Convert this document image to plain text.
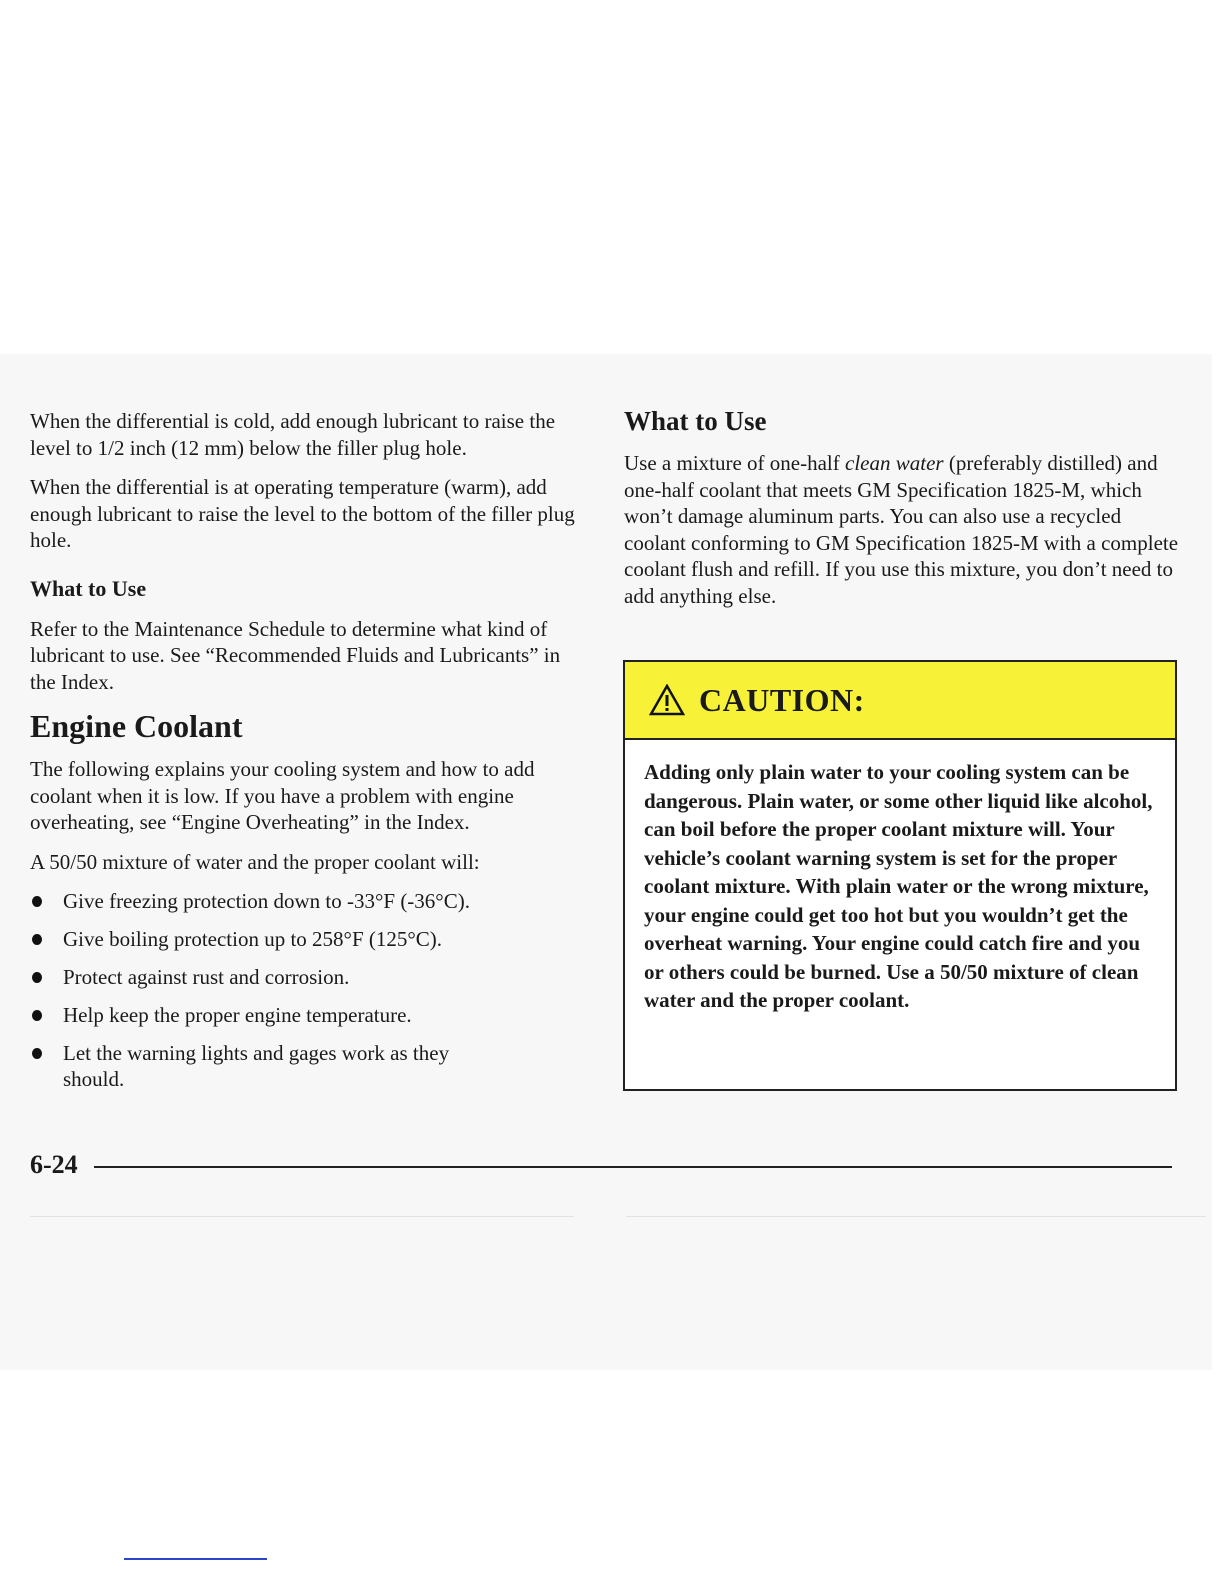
When the differential is cold, add enough lubricant to raise the level to 1/2 inch (12 mm) below the filler plug hole.

When the differential is at operating temperature (warm), add enough lubricant to raise the level to the bottom of the filler plug hole.

What to Use

Refer to the Maintenance Schedule to determine what kind of lubricant to use. See “Recommended Fluids and Lubricants” in the Index.

Engine Coolant

The following explains your cooling system and how to add coolant when it is low. If you have a problem with engine overheating, see “Engine Overheating” in the Index.

A 50/50 mixture of water and the proper coolant will:

Give freezing protection down to -33°F (-36°C).
Give boiling protection up to 258°F (125°C).
Protect against rust and corrosion.
Help keep the proper engine temperature.
Let the warning lights and gages work as they should.
What to Use

Use a mixture of one-half clean water (preferably distilled) and one-half coolant that meets GM Specification 1825-M, which won’t damage aluminum parts. You can also use a recycled coolant conforming to GM Specification 1825-M with a complete coolant flush and refill. If you use this mixture, you don’t need to add anything else.

CAUTION:
Adding only plain water to your cooling system can be dangerous. Plain water, or some other liquid like alcohol, can boil before the proper coolant mixture will. Your vehicle’s coolant warning system is set for the proper coolant mixture. With plain water or the wrong mixture, your engine could get too hot but you wouldn’t get the overheat warning. Your engine could catch fire and you or others could be burned. Use a 50/50 mixture of clean water and the proper coolant.
6-24
